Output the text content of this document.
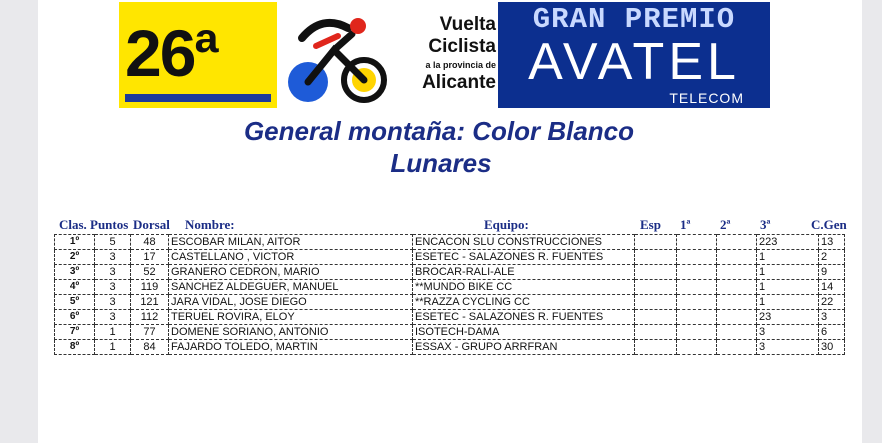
26ª	Vuelta
Ciclista
a la provincia de
Alicante
GRAN PREMIO
AVATEL
TELECOM
General montaña: Color Blanco
Lunares
Clas. Puntos Dorsal Nombre:	Equipo:	Esp 1ª 2ª 3ª	C.Gen
1º	5	48	ESCOBAR MILAN, AITOR	ENCACON SLU CONSTRUCCIONES				223	13
2º	3	17	CASTELLANO , VICTOR	ESETEC - SALAZONES R. FUENTES				1	2
3º	3	52	GRANERO CEDRON, MARIO	BROCAR-RALI-ALE				1	9
4º	3	119	SANCHEZ ALDEGUER, MANUEL	**MUNDO BIKE CC				1	14
5º	3	121	JARA VIDAL, JOSE DIEGO	**RAZZA CYCLING CC				1	22
6º	3	112	TERUEL ROVIRA, ELOY	ESETEC - SALAZONES R. FUENTES				23	3
7º	1	77	DOMENE SORIANO, ANTONIO	ISOTECH-DAMA				3	6
8º	1	84	FAJARDO TOLEDO, MARTIN	ESSAX - GRUPO ARRFRAN				3	30
